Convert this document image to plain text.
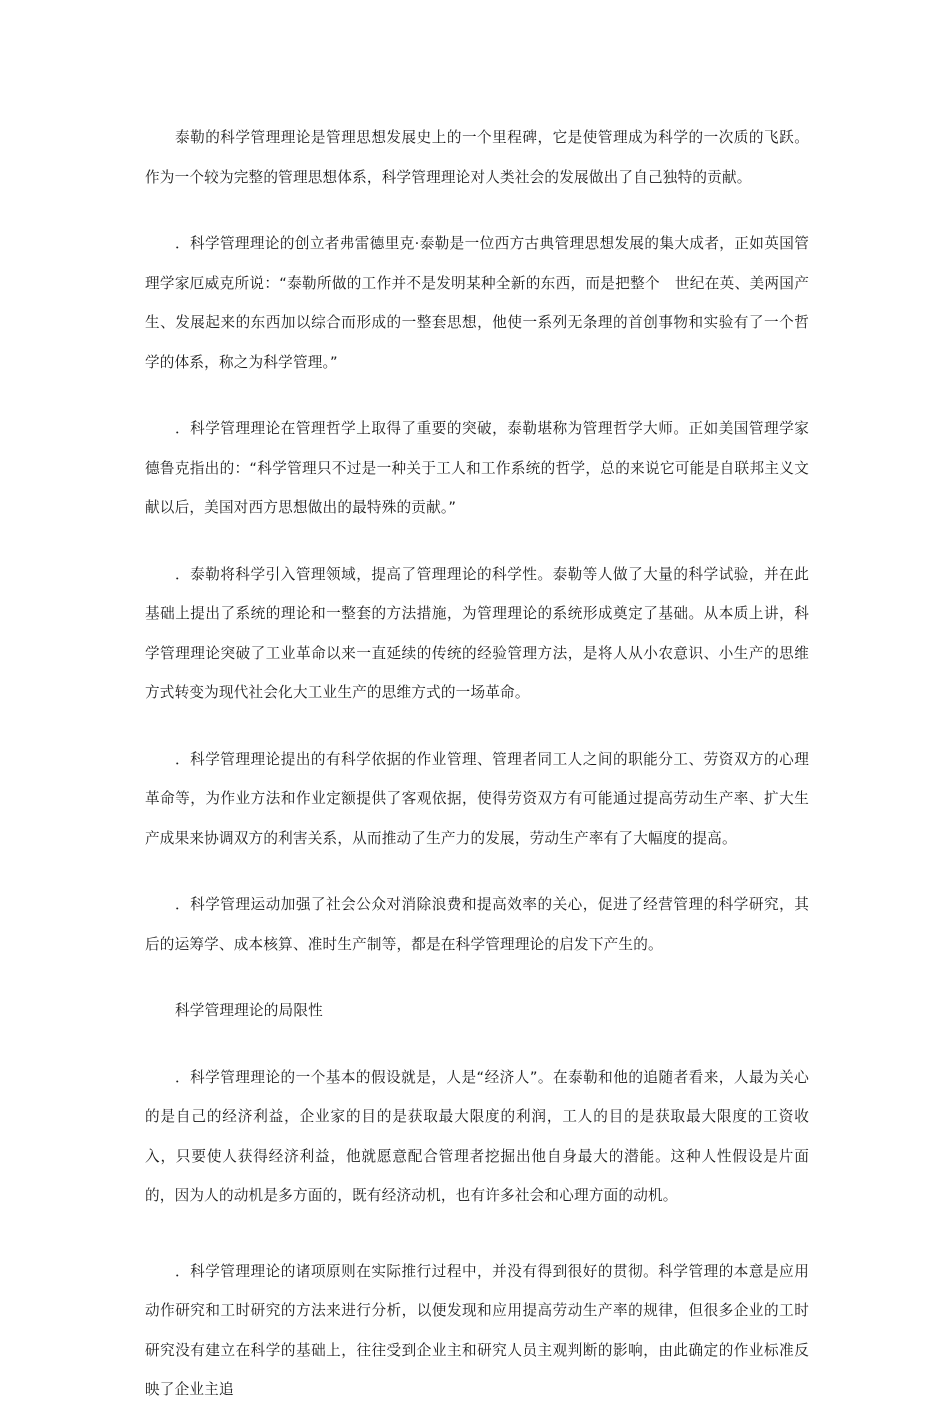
泰勒的科学管理理论是管理思想发展史上的一个里程碑，它是使管理成为科学的一次质的飞跃。作为一个较为完整的管理思想体系，科学管理理论对人类社会的发展做出了自己独特的贡献。

．科学管理理论的创立者弗雷德里克·泰勒是一位西方古典管理思想发展的集大成者，正如英国管理学家厄威克所说：“泰勒所做的工作并不是发明某种全新的东西，而是把整个　世纪在英、美两国产生、发展起来的东西加以综合而形成的一整套思想，他使一系列无条理的首创事物和实验有了一个哲学的体系，称之为科学管理。”

．科学管理理论在管理哲学上取得了重要的突破，泰勒堪称为管理哲学大师。正如美国管理学家德鲁克指出的：“科学管理只不过是一种关于工人和工作系统的哲学，总的来说它可能是自联邦主义文献以后，美国对西方思想做出的最特殊的贡献。”

．泰勒将科学引入管理领域，提高了管理理论的科学性。泰勒等人做了大量的科学试验，并在此基础上提出了系统的理论和一整套的方法措施，为管理理论的系统形成奠定了基础。从本质上讲，科学管理理论突破了工业革命以来一直延续的传统的经验管理方法，是将人从小农意识、小生产的思维方式转变为现代社会化大工业生产的思维方式的一场革命。

．科学管理理论提出的有科学依据的作业管理、管理者同工人之间的职能分工、劳资双方的心理革命等，为作业方法和作业定额提供了客观依据，使得劳资双方有可能通过提高劳动生产率、扩大生产成果来协调双方的利害关系，从而推动了生产力的发展，劳动生产率有了大幅度的提高。

．科学管理运动加强了社会公众对消除浪费和提高效率的关心，促进了经营管理的科学研究，其后的运筹学、成本核算、准时生产制等，都是在科学管理理论的启发下产生的。

科学管理理论的局限性

．科学管理理论的一个基本的假设就是，人是“经济人”。在泰勒和他的追随者看来，人最为关心的是自己的经济利益，企业家的目的是获取最大限度的利润，工人的目的是获取最大限度的工资收入，只要使人获得经济利益，他就愿意配合管理者挖掘出他自身最大的潜能。这种人性假设是片面的，因为人的动机是多方面的，既有经济动机，也有许多社会和心理方面的动机。

．科学管理理论的诸项原则在实际推行过程中，并没有得到很好的贯彻。科学管理的本意是应用动作研究和工时研究的方法来进行分析，以便发现和应用提高劳动生产率的规律，但很多企业的工时研究没有建立在科学的基础上，往往受到企业主和研究人员主观判断的影响，由此确定的作业标准反映了企业主追
